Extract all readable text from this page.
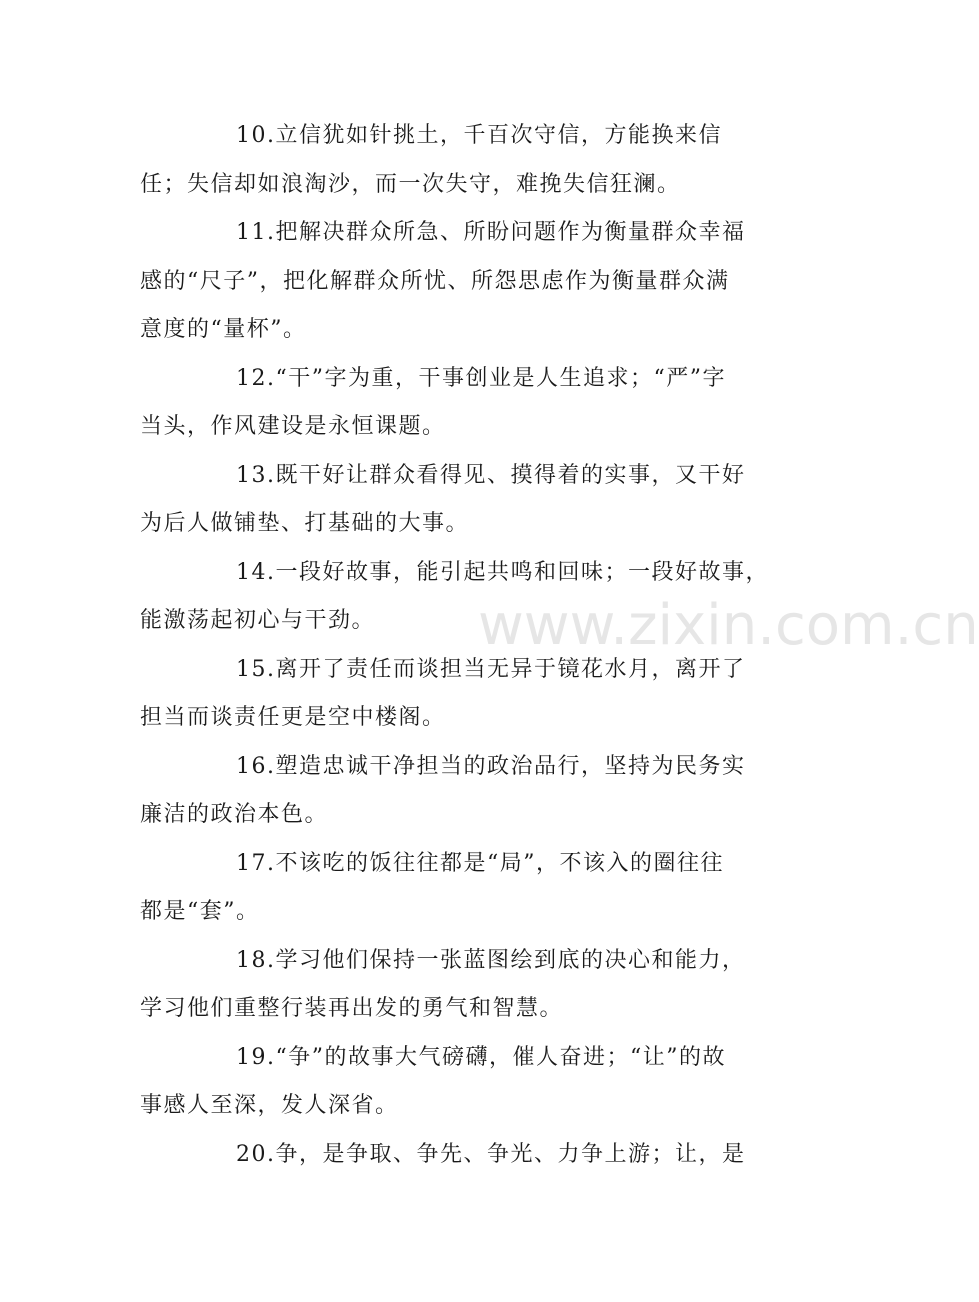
www.zixin.com.cn
10.立信犹如针挑土，千百次守信，方能换来信
任；失信却如浪淘沙，而一次失守，难挽失信狂澜。
11.把解决群众所急、所盼问题作为衡量群众幸福
感的“尺子”，把化解群众所忧、所怨思虑作为衡量群众满
意度的“量杯”。
12.“干”字为重，干事创业是人生追求；“严”字
当头，作风建设是永恒课题。
13.既干好让群众看得见、摸得着的实事，又干好
为后人做铺垫、打基础的大事。
14.一段好故事，能引起共鸣和回味；一段好故事，
能激荡起初心与干劲。
15.离开了责任而谈担当无异于镜花水月，离开了
担当而谈责任更是空中楼阁。
16.塑造忠诚干净担当的政治品行，坚持为民务实
廉洁的政治本色。
17.不该吃的饭往往都是“局”，不该入的圈往往
都是“套”。
18.学习他们保持一张蓝图绘到底的决心和能力，
学习他们重整行装再出发的勇气和智慧。
19.“争”的故事大气磅礴，催人奋进；“让”的故
事感人至深，发人深省。
20.争，是争取、争先、争光、力争上游；让，是
